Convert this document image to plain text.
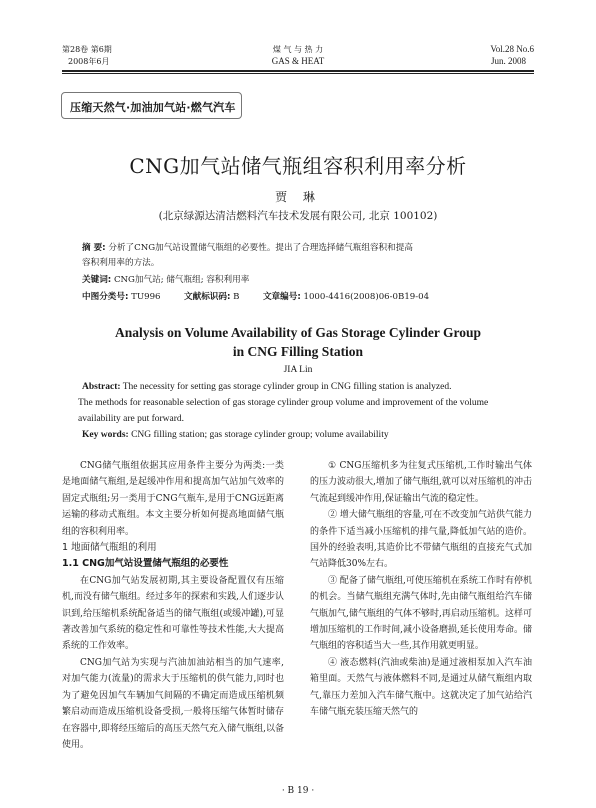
第28卷 第6期
2008年6月
煤 气 与 热 力
GAS & HEAT
Vol.28 No.6
Jun. 2008
压缩天然气·加油加气站·燃气汽车
CNG加气站储气瓶组容积利用率分析
贾 琳
(北京绿源达清洁燃料汽车技术发展有限公司, 北京 100102)
摘 要: 分析了CNG加气站设置储气瓶组的必要性。提出了合理选择储气瓶组容积和提高
容积利用率的方法。
关键词: CNG加气站; 储气瓶组; 容积利用率
中图分类号: TU996	文献标识码: B	文章编号: 1000-4416(2008)06-0B19-04
Analysis on Volume Availability of Gas Storage Cylinder Group
in CNG Filling Station
JIA Lin
Abstract: The necessity for setting gas storage cylinder group in CNG filling station is analyzed.
The methods for reasonable selection of gas storage cylinder group volume and improvement of the volume
availability are put forward.
Key words: CNG filling station; gas storage cylinder group; volume availability

CNG储气瓶组依据其应用条件主要分为两类:一类是地面储气瓶组,是起缓冲作用和提高加气站加气效率的固定式瓶组;另一类用于CNG气瓶车,是用于CNG远距离运输的移动式瓶组。本文主要分析如何提高地面储气瓶组的容积利用率。

1 地面储气瓶组的利用

1.1 CNG加气站设置储气瓶组的必要性

在CNG加气站发展初期,其主要设备配置仅有压缩机,而没有储气瓶组。经过多年的探索和实践,人们逐步认识到,给压缩机系统配备适当的储气瓶组(或缓冲罐),可显著改善加气系统的稳定性和可靠性等技术性能,大大提高系统的工作效率。

CNG加气站为实现与汽油加油站相当的加气速率,对加气能力(流量)的需求大于压缩机的供气能力,同时也为了避免因加气车辆加气间隔的不确定而造成压缩机频繁启动而造成压缩机设备受损,一般将压缩气体暂时储存在容器中,即将经压缩后的高压天然气充入储气瓶组,以备使用。

① CNG压缩机多为往复式压缩机,工作时输出气体的压力波动很大,增加了储气瓶组,就可以对压缩机的冲击气流起到缓冲作用,保证输出气流的稳定性。

② 增大储气瓶组的容量,可在不改变加气站供气能力的条件下适当减小压缩机的排气量,降低加气站的造价。国外的经验表明,其造价比不带储气瓶组的直接充气式加气站降低30%左右。

③ 配备了储气瓶组,可使压缩机在系统工作时有停机的机会。当储气瓶组充满气体时,先由储气瓶组给汽车储气瓶加气,储气瓶组的气体不够时,再启动压缩机。这样可增加压缩机的工作时间,减小设备磨损,延长使用寿命。储气瓶组的容积适当大一些,其作用就更明显。

④ 液态燃料(汽油或柴油)是通过液相泵加入汽车油箱里面。天然气与液体燃料不同,是通过从储气瓶组内取气,靠压力差加入汽车储气瓶中。这就决定了加气站给汽车储气瓶充装压缩天然气的

· B 19 ·
